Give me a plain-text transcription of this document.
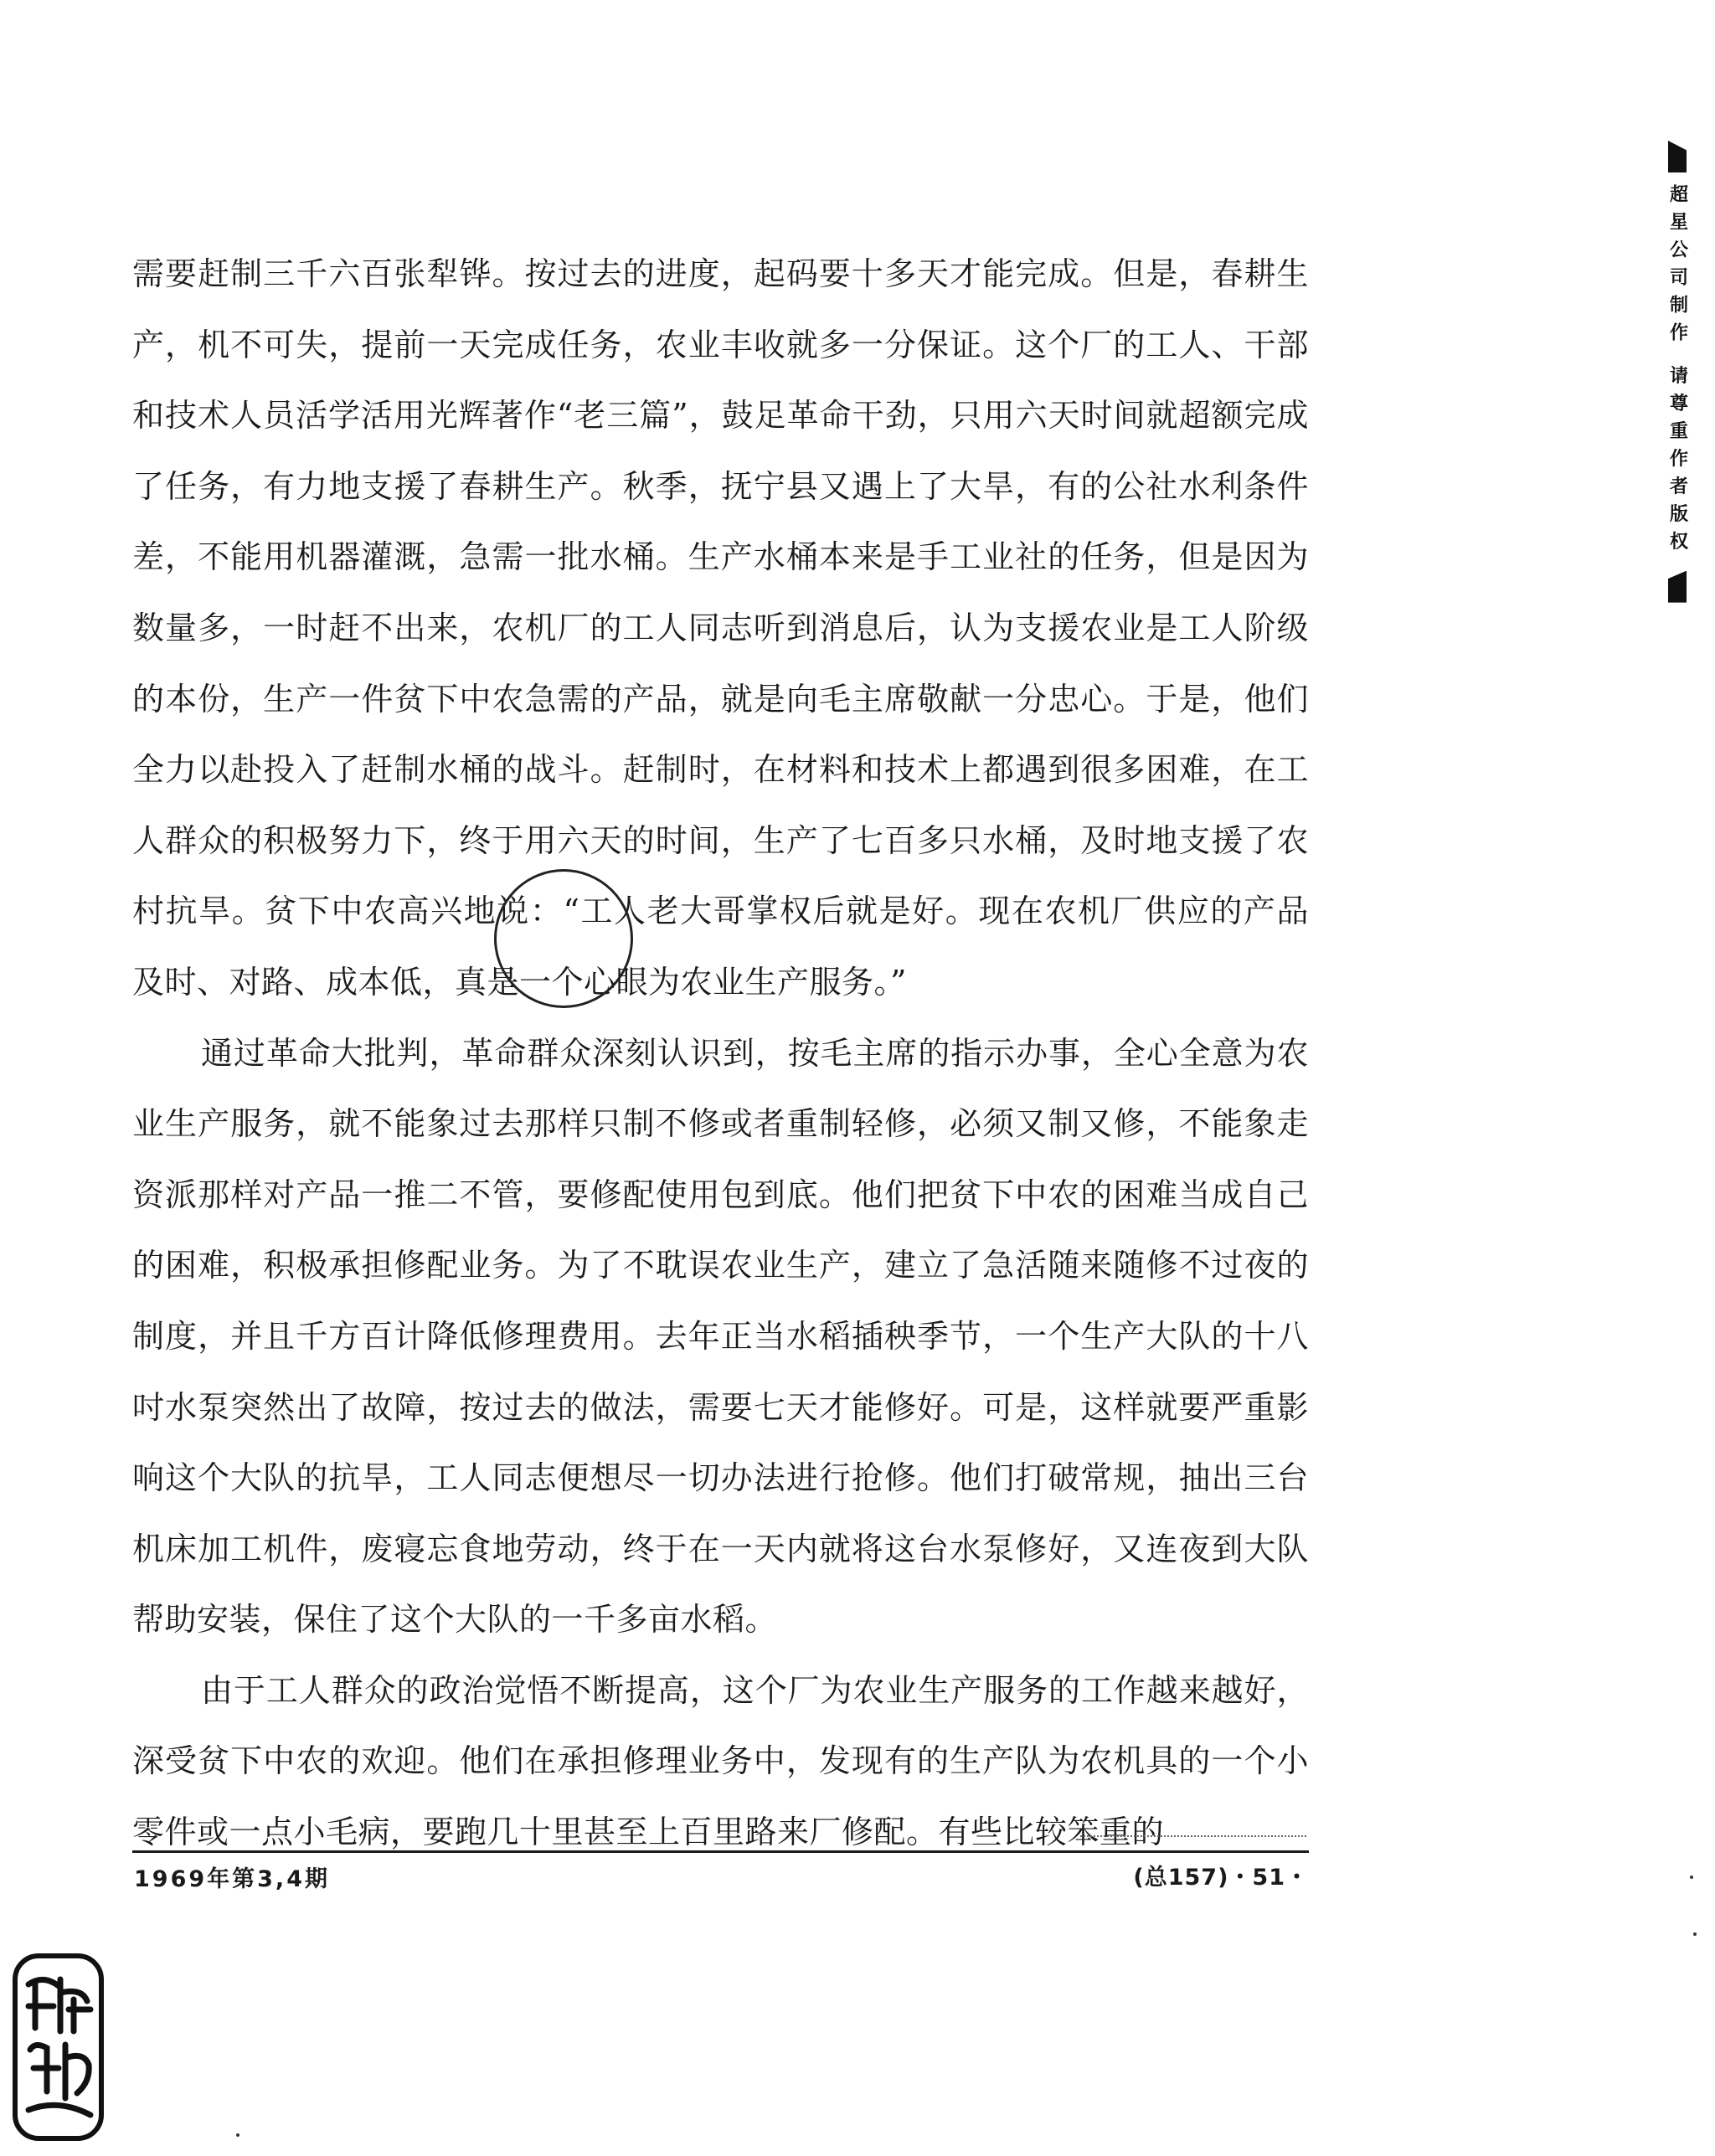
超星公司制作 请尊重作者版权

需要赶制三千六百张犁铧。按过去的进度，起码要十多天才能完成。但是，春耕生产，机不可失，提前一天完成任务，农业丰收就多一分保证。这个厂的工人、干部和技术人员活学活用光辉著作“老三篇”，鼓足革命干劲，只用六天时间就超额完成了任务，有力地支援了春耕生产。秋季，抚宁县又遇上了大旱，有的公社水利条件差，不能用机器灌溉，急需一批水桶。生产水桶本来是手工业社的任务，但是因为数量多，一时赶不出来，农机厂的工人同志听到消息后，认为支援农业是工人阶级的本份，生产一件贫下中农急需的产品，就是向毛主席敬献一分忠心。于是，他们全力以赴投入了赶制水桶的战斗。赶制时，在材料和技术上都遇到很多困难，在工人群众的积极努力下，终于用六天的时间，生产了七百多只水桶，及时地支援了农村抗旱。贫下中农高兴地说：“工人老大哥掌权后就是好。现在农机厂供应的产品及时、对路、成本低，真是一个心眼为农业生产服务。”

通过革命大批判，革命群众深刻认识到，按毛主席的指示办事，全心全意为农业生产服务，就不能象过去那样只制不修或者重制轻修，必须又制又修，不能象走资派那样对产品一推二不管，要修配使用包到底。他们把贫下中农的困难当成自己的困难，积极承担修配业务。为了不耽误农业生产，建立了急活随来随修不过夜的制度，并且千方百计降低修理费用。去年正当水稻插秧季节，一个生产大队的十八吋水泵突然出了故障，按过去的做法，需要七天才能修好。可是，这样就要严重影响这个大队的抗旱，工人同志便想尽一切办法进行抢修。他们打破常规，抽出三台机床加工机件，废寝忘食地劳动，终于在一天内就将这台水泵修好，又连夜到大队帮助安装，保住了这个大队的一千多亩水稻。

由于工人群众的政治觉悟不断提高，这个厂为农业生产服务的工作越来越好，深受贫下中农的欢迎。他们在承担修理业务中，发现有的生产队为农机具的一个小零件或一点小毛病，要跑几十里甚至上百里路来厂修配。有些比较笨重的

1969年第3,4期	(总157)・51・
